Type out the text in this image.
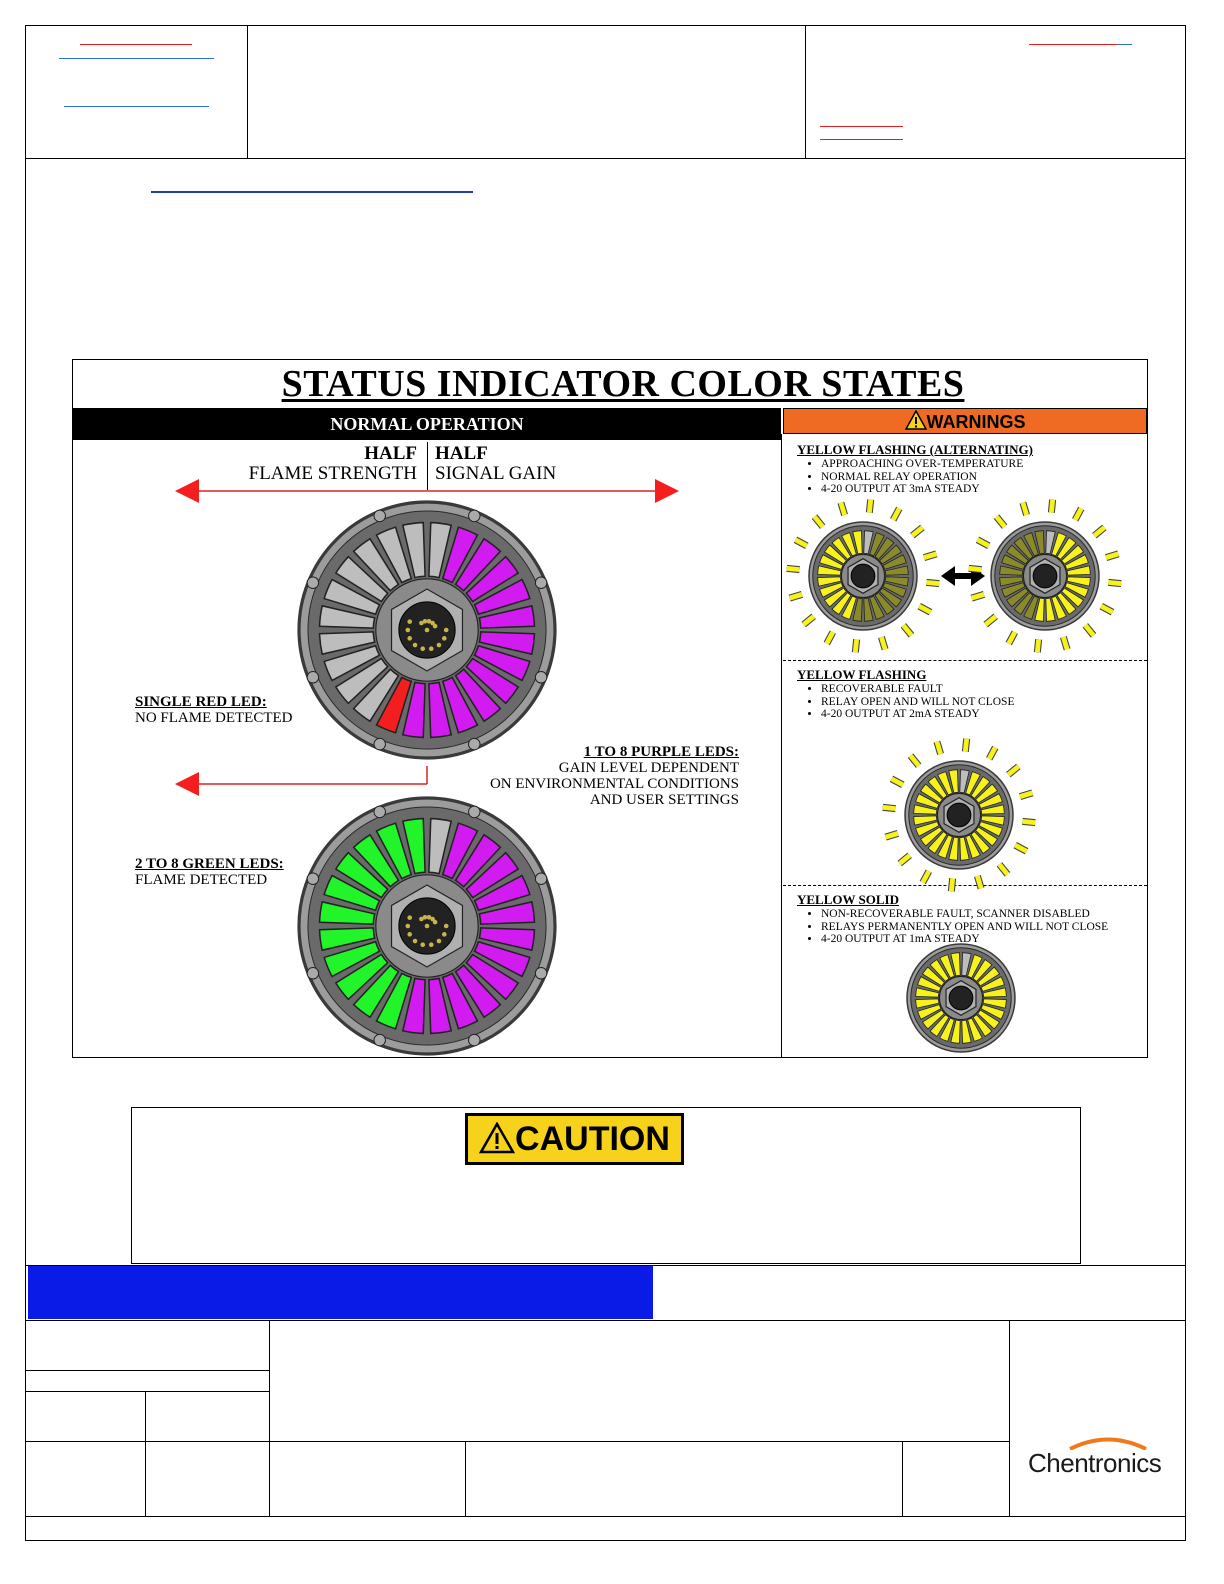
STATUS INDICATOR COLOR STATES
NORMAL OPERATION	WARNINGS
HALF
FLAME STRENGTH
HALF
SIGNAL GAIN
SINGLE RED LED:
NO FLAME DETECTED
1 TO 8 PURPLE LEDS:
GAIN LEVEL DEPENDENT
ON ENVIRONMENTAL CONDITIONS
AND USER SETTINGS
2 TO 8 GREEN LEDS:
FLAME DETECTED
YELLOW FLASHING (ALTERNATING)
• APPROACHING OVER-TEMPERATURE
• NORMAL RELAY OPERATION
• 4-20 OUTPUT AT 3mA STEADY
YELLOW FLASHING
• RECOVERABLE FAULT
• RELAY OPEN AND WILL NOT CLOSE
• 4-20 OUTPUT AT 2mA STEADY
YELLOW SOLID
• NON-RECOVERABLE FAULT, SCANNER DISABLED
• RELAYS PERMANENTLY OPEN AND WILL NOT CLOSE
• 4-20 OUTPUT AT 1mA STEADY
CAUTION
Chentronics
